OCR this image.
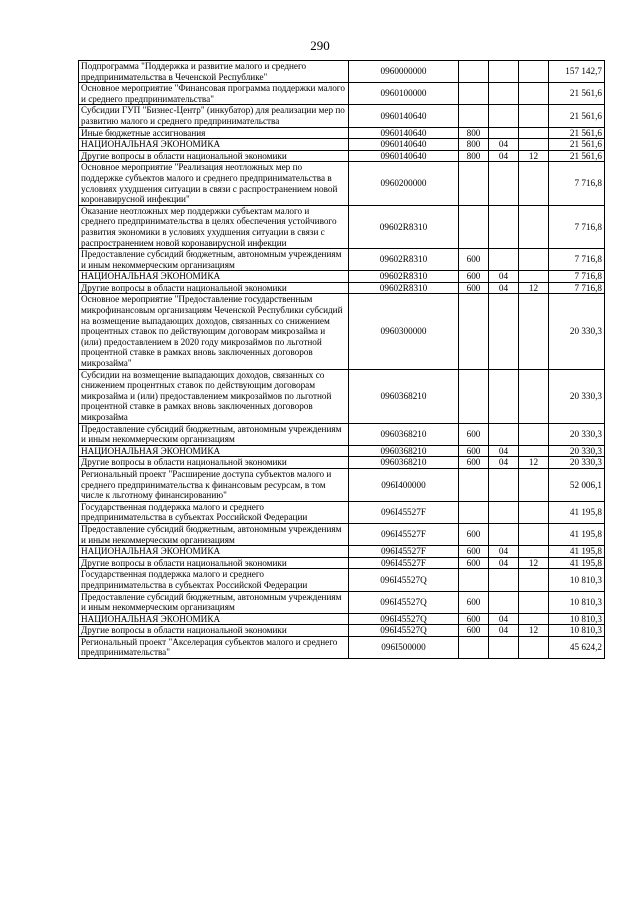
290
Подпрограмма "Поддержка и развитие малого и среднего предпринимательства в Чеченской Республике"	0960000000				157 142,7
Основное мероприятие "Финансовая программа поддержки малого и среднего предпринимательства"	0960100000				21 561,6
Субсидии ГУП "Бизнес-Центр" (инкубатор) для реализации мер по развитию малого и среднего предпринимательства	0960140640				21 561,6
Иные бюджетные ассигнования	0960140640	800			21 561,6
НАЦИОНАЛЬНАЯ ЭКОНОМИКА	0960140640	800	04		21 561,6
Другие вопросы в области национальной экономики	0960140640	800	04	12	21 561,6
Основное мероприятие "Реализация неотложных мер по поддержке субъектов малого и среднего предпринимательства в условиях ухудшения ситуации в связи с распространением новой коронавирусной инфекции"	0960200000				7 716,8
Оказание неотложных мер поддержки субъектам малого и среднего предпринимательства в целях обеспечения устойчивого развития экономики в условиях ухудшения ситуации в связи с распространением новой коронавирусной инфекции	09602R8310				7 716,8
Предоставление субсидий бюджетным, автономным учреждениям и иным некоммерческим организациям	09602R8310	600			7 716,8
НАЦИОНАЛЬНАЯ ЭКОНОМИКА	09602R8310	600	04		7 716,8
Другие вопросы в области национальной экономики	09602R8310	600	04	12	7 716,8
Основное мероприятие "Предоставление государственным микрофинансовым организациям Чеченской Республики субсидий на возмещение выпадающих доходов, связанных со снижением процентных ставок по действующим договорам микрозайма и (или) предоставлением в 2020 году микрозаймов по льготной процентной ставке в рамках вновь заключенных договоров микрозайма"	0960300000				20 330,3
Субсидии на возмещение выпадающих доходов, связанных со снижением процентных ставок по действующим договорам микрозайма и (или) предоставлением микрозаймов по льготной процентной ставке в рамках вновь заключенных договоров микрозайма	0960368210				20 330,3
Предоставление субсидий бюджетным, автономным учреждениям и иным некоммерческим организациям	0960368210	600			20 330,3
НАЦИОНАЛЬНАЯ ЭКОНОМИКА	0960368210	600	04		20 330,3
Другие вопросы в области национальной экономики	0960368210	600	04	12	20 330,3
Региональный проект "Расширение доступа субъектов малого и среднего предпринимательства к финансовым ресурсам, в том числе к льготному финансированию"	096I400000				52 006,1
Государственная поддержка малого и среднего предпринимательства в субъектах Российской Федерации	096I45527F				41 195,8
Предоставление субсидий бюджетным, автономным учреждениям и иным некоммерческим организациям	096I45527F	600			41 195,8
НАЦИОНАЛЬНАЯ ЭКОНОМИКА	096I45527F	600	04		41 195,8
Другие вопросы в области национальной экономики	096I45527F	600	04	12	41 195,8
Государственная поддержка малого и среднего предпринимательства в субъектах Российской Федерации	096I45527Q				10 810,3
Предоставление субсидий бюджетным, автономным учреждениям и иным некоммерческим организациям	096I45527Q	600			10 810,3
НАЦИОНАЛЬНАЯ ЭКОНОМИКА	096I45527Q	600	04		10 810,3
Другие вопросы в области национальной экономики	096I45527Q	600	04	12	10 810,3
Региональный проект "Акселерация субъектов малого и среднего предпринимательства"	096I500000				45 624,2
